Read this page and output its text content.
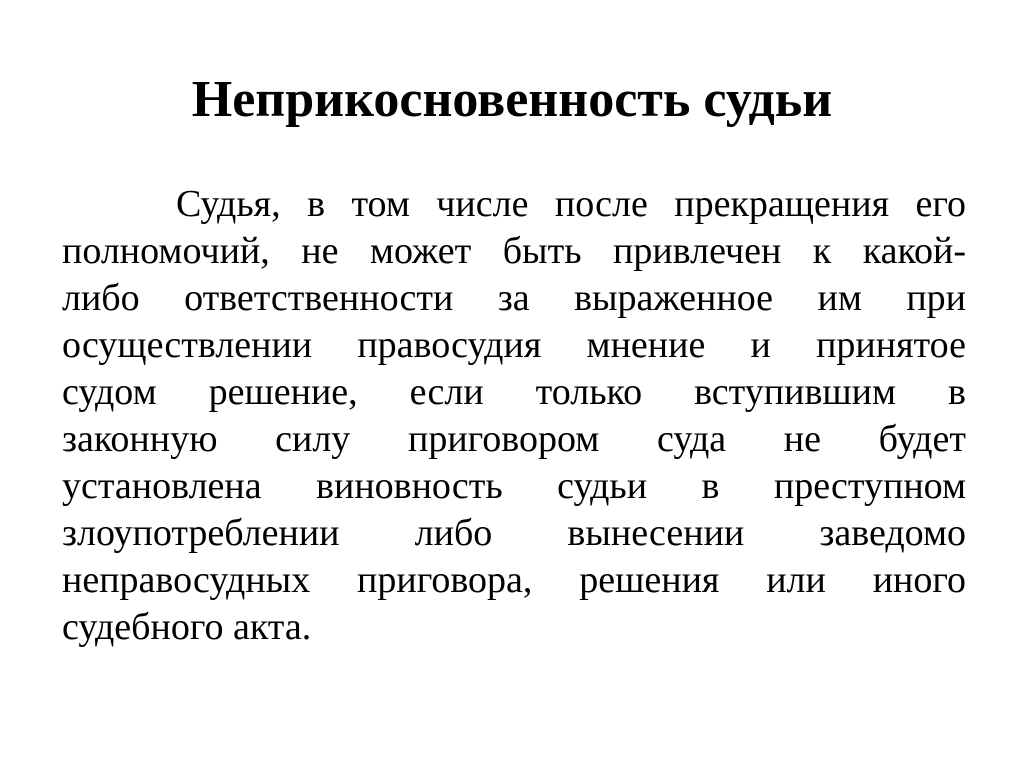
Неприкосновенность судьи
Судья, в том числе после прекращения его
полномочий, не может быть привлечен к какой-
либо ответственности за выраженное им при
осуществлении правосудия мнение и принятое
судом решение, если только вступившим в
законную силу приговором суда не будет
установлена виновность судьи в преступном
злоупотреблении либо вынесении заведомо
неправосудных приговора, решения или иного
судебного акта.
